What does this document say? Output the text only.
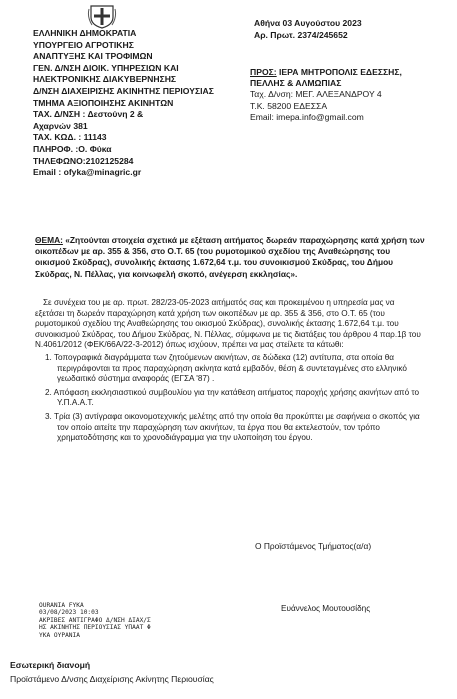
ΕΛΛΗΝΙΚΗ ΔΗΜΟΚΡΑΤΙΑ
ΥΠΟΥΡΓΕΙΟ ΑΓΡΟΤΙΚΗΣ
ΑΝΑΠΤΥΞΗΣ ΚΑΙ ΤΡΟΦΙΜΩΝ
ΓΕΝ. Δ/ΝΣΗ ΔΙΟΙΚ. ΥΠΗΡΕΣΙΩΝ ΚΑΙ
ΗΛΕΚΤΡΟΝΙΚΗΣ ΔΙΑΚΥΒΕΡΝΗΣΗΣ
Δ/ΝΣΗ ΔΙΑΧΕΙΡΙΣΗΣ ΑΚΙΝΗΤΗΣ ΠΕΡΙΟΥΣΙΑΣ
ΤΜΗΜΑ ΑΞΙΟΠΟΙΗΣΗΣ ΑΚΙΝΗΤΩΝ
ΤΑΧ. Δ/ΝΣΗ : Δεστούνη 2 &
Αχαρνών 381
ΤΑΧ. ΚΩΔ. : 11143
ΠΛΗΡΟΦ. :Ο. Φύκα
ΤΗΛΕΦΩΝΟ:2102125284
Email : ofyka@minagric.gr
Αθήνα 03 Αυγούστου 2023
Αρ. Πρωτ. 2374/245652
ΠΡΟΣ: ΙΕΡΑ ΜΗΤΡΟΠΟΛΙΣ ΕΔΕΣΣΗΣ,
ΠΕΛΛΗΣ & ΑΛΜΩΠΙΑΣ
Ταχ. Δ/νση: ΜΕΓ. ΑΛΕΞΑΝΔΡΟΥ 4
Τ.Κ. 58200 ΕΔΕΣΣΑ
Email: imepa.info@gmail.com
ΘΕΜΑ: «Ζητούνται στοιχεία σχετικά με εξέταση αιτήματος δωρεάν παραχώρησης κατά χρήση των οικοπέδων με αρ. 355 & 356, στο Ο.Τ. 65 (του ρυμοτομικού σχεδίου της Αναθεώρησης του οικισμού Σκύδρας), συνολικής έκτασης 1.672,64 τ.μ. του συνοικισμού Σκύδρας, του Δήμου Σκύδρας, Ν. Πέλλας, για κοινωφελή σκοπό, ανέγερση εκκλησίας».

Σε συνέχεια του με αρ. πρωτ. 282/23-05-2023 αιτήματός σας και προκειμένου η υπηρεσία μας να εξετάσει τη δωρεάν παραχώρηση κατά χρήση των οικοπέδων με αρ. 355 & 356, στο Ο.Τ. 65 (του ρυμοτομικού σχεδίου της Αναθεώρησης του οικισμού Σκύδρας), συνολικής έκτασης 1.672,64 τ.μ. του συνοικισμού Σκύδρας, του Δήμου Σκύδρας, Ν. Πέλλας, σύμφωνα με τις διατάξεις του άρθρου 4 παρ.1β του Ν.4061/2012 (ΦΕΚ/66Α/22-3-2012) όπως ισχύουν, πρέπει να μας στείλετε τα κάτωθι:

1. Τοπογραφικά διαγράμματα των ζητούμενων ακινήτων, σε δώδεκα (12) αντίτυπα, στα οποία θα περιγράφονται τα προς παραχώρηση ακίνητα κατά εμβαδόν, θέση & συντεταγμένες στο ελληνικό γεωδαιτικό σύστημα αναφοράς (ΕΓΣΑ '87) .
2. Απόφαση εκκλησιαστικού συμβουλίου για την κατάθεση αιτήματος παροχής χρήσης ακινήτων από το Υ.Π.Α.Α.Τ.
3. Τρία (3) αντίγραφα οικονομοτεχνικής μελέτης από την οποία θα προκύπτει με σαφήνεια ο σκοπός για τον οποίο αιτείτε την παραχώρηση των ακινήτων, τα έργα που θα εκτελεστούν, τον τρόπο χρηματοδότησης και το χρονοδιάγραμμα για την υλοποίηση του έργου.
Ο Προϊστάμενος Τμήματος(α/α)
Ευάννελος Μουτουσίδης
OURANIA FYKA
03/08/2023 10:03
ΑΚΡΙΒΕΣ ΑΝΤΙΓΡΑΦΟ Δ/ΝΣΗ ΔΙΑΧ/Σ
ΗΣ ΑΚΙΝΗΤΗΣ ΠΕΡΙΟΥΣΙΑΣ ΥΠΑΑΤ Φ
ΥΚΑ ΟΥΡΑΝΙΑ
Εσωτερική διανομή
Προϊστάμενο Δ/νσης Διαχείρισης Ακίνητης Περιουσίας
